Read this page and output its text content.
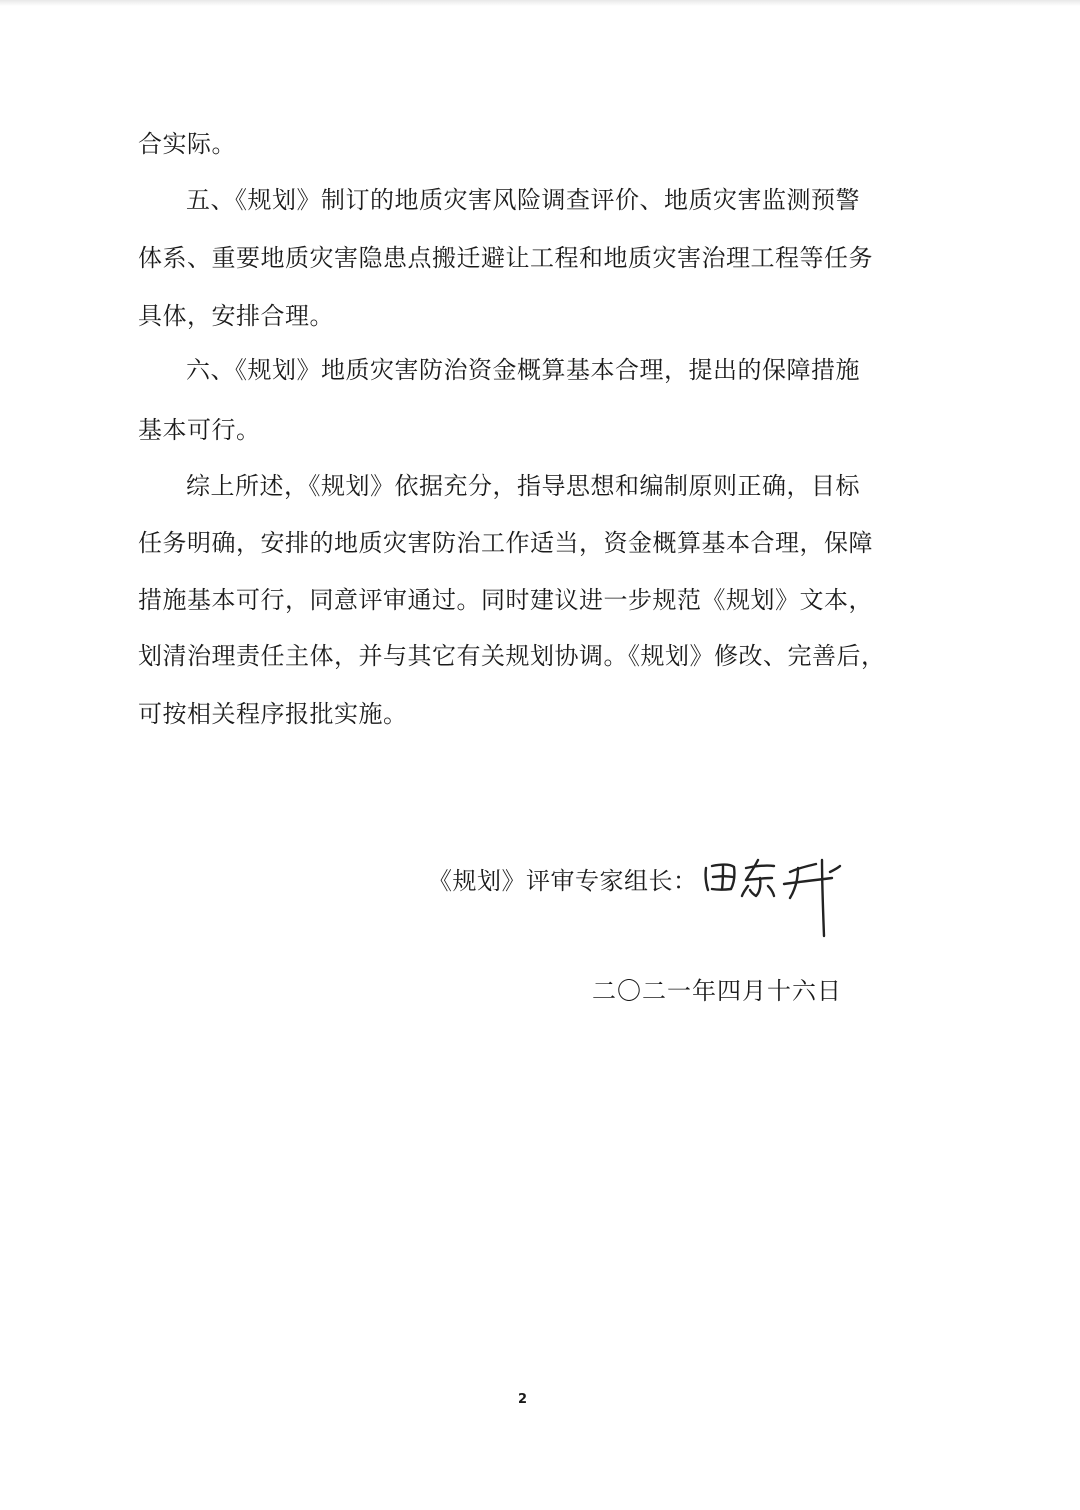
合实际。
五、《规划》制订的地质灾害风险调查评价、地质灾害监测预警
体系、重要地质灾害隐患点搬迁避让工程和地质灾害治理工程等任务
具体，安排合理。
六、《规划》地质灾害防治资金概算基本合理，提出的保障措施
基本可行。
综上所述，《规划》依据充分，指导思想和编制原则正确，目标
任务明确，安排的地质灾害防治工作适当，资金概算基本合理，保障
措施基本可行，同意评审通过。同时建议进一步规范《规划》文本，
划清治理责任主体，并与其它有关规划协调。《规划》修改、完善后，
可按相关程序报批实施。
《规划》评审专家组长：
二〇二一年四月十六日
2
